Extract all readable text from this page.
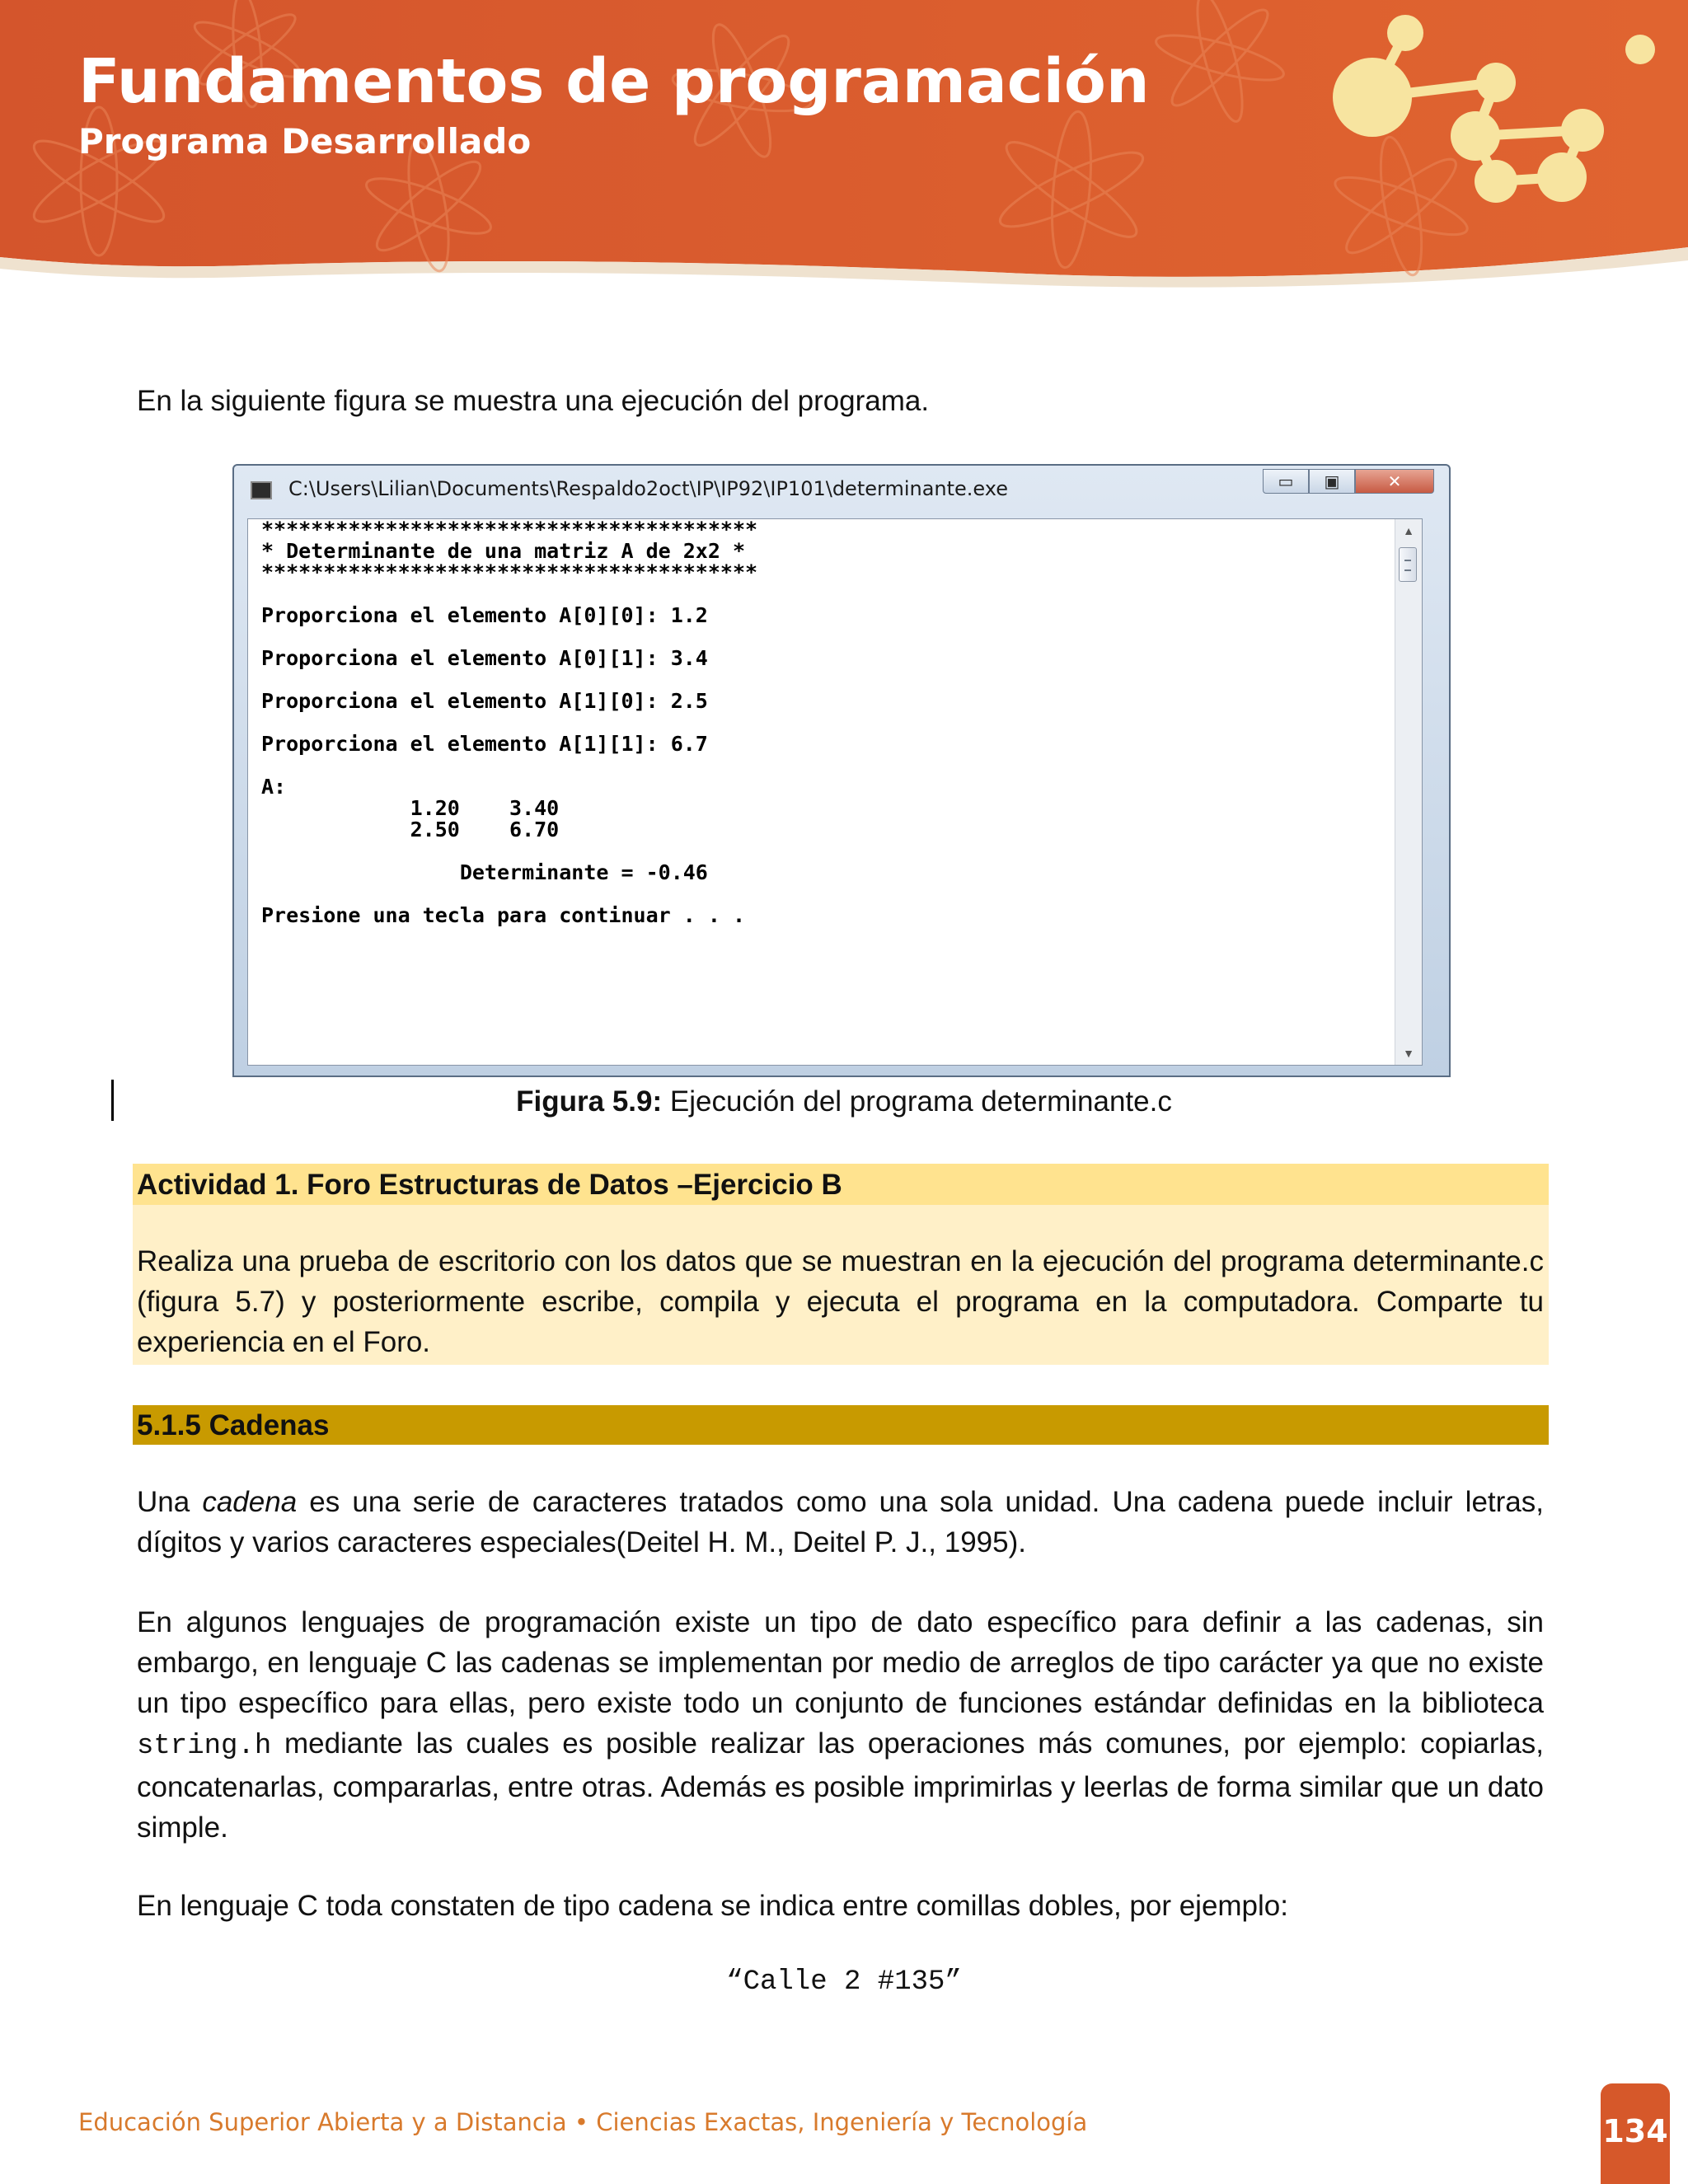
Fundamentos de programación
Programa Desarrollado

En la siguiente figura se muestra una ejecución del programa.

C:\Users\Lilian\Documents\Respaldo2oct\IP\IP92\IP101\determinante.exe	▭	▣	✕
****************************************
* Determinante de una matriz A de 2x2 *
****************************************

Proporciona el elemento A[0][0]: 1.2

Proporciona el elemento A[0][1]: 3.4

Proporciona el elemento A[1][0]: 2.5

Proporciona el elemento A[1][1]: 6.7

A:
1.20    3.40
2.50    6.70

Determinante = -0.46

Presione una tecla para continuar . . .
▲
▼
Figura 5.9: Ejecución del programa determinante.c
Actividad 1. Foro Estructuras de Datos –Ejercicio B

Realiza una prueba de escritorio con los datos que se muestran en la ejecución del programa determinante.c (figura 5.7) y posteriormente escribe, compila y ejecuta el programa en la computadora. Comparte tu experiencia en el Foro.

5.1.5 Cadenas

Una cadena es una serie de caracteres tratados como una sola unidad. Una cadena puede incluir letras, dígitos y varios caracteres especiales(Deitel H. M., Deitel P. J., 1995).

En algunos lenguajes de programación existe un tipo de dato específico para definir a las cadenas, sin embargo, en lenguaje C las cadenas se implementan por medio de arreglos de tipo carácter ya que no existe un tipo específico para ellas, pero existe todo un conjunto de funciones estándar definidas en la biblioteca string.h mediante las cuales es posible realizar las operaciones más comunes, por ejemplo: copiarlas, concatenarlas, compararlas, entre otras. Además es posible imprimirlas y leerlas de forma similar que un dato simple.

En lenguaje C toda constaten de tipo cadena se indica entre comillas dobles, por ejemplo:

“Calle 2 #135”
Educación Superior Abierta y a Distancia • Ciencias Exactas, Ingeniería y Tecnología	134
